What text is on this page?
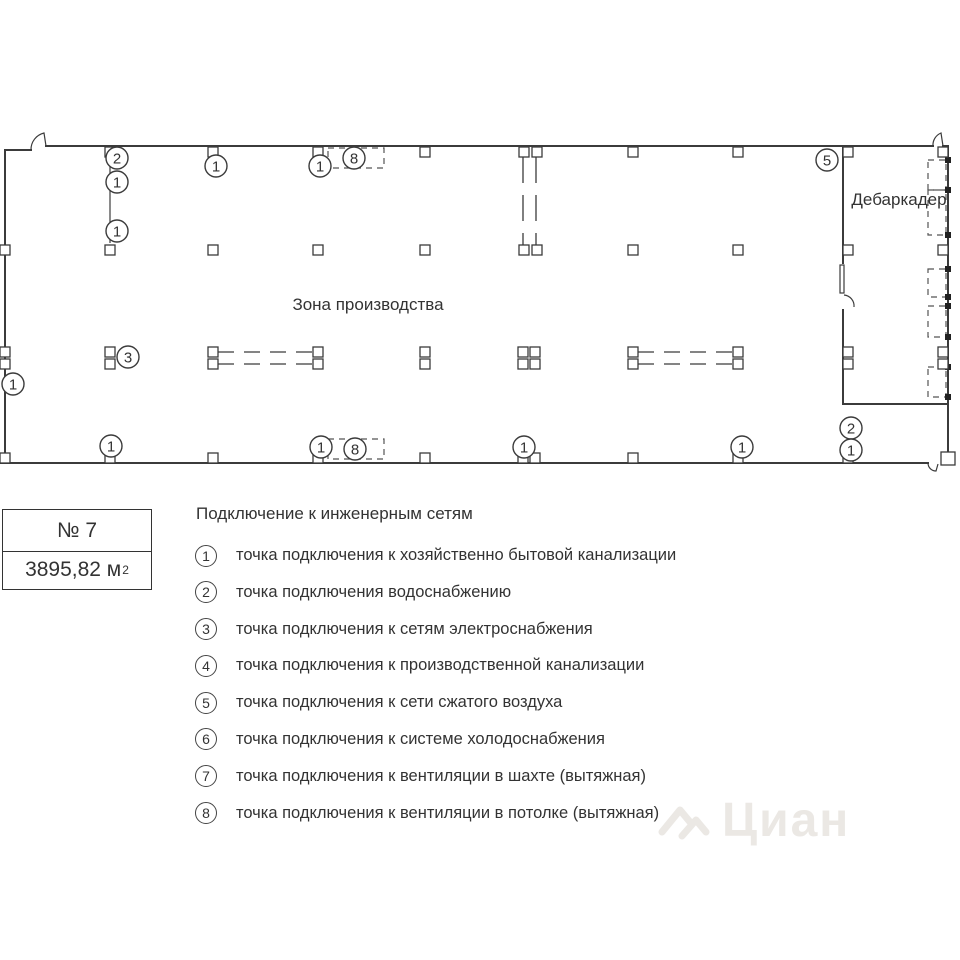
Зона производства
Дебаркадер
2
1
1
1	1 8	5
3
1
1	1 8	1	1
2
1
№ 7
3895,82 м 2
Подключение к инженерным сетям
1	точка подключения к хозяйственно бытовой канализации
2	точка подключения водоснабжению
3	точка подключения к сетям электроснабжения
4	точка подключения к производственной канализации
5	точка подключения к сети сжатого воздуха
6	точка подключения к системе холодоснабжения
7	точка подключения к вентиляции в шахте (вытяжная)
8	точка подключения к вентиляции в потолке (вытяжная) Циан
